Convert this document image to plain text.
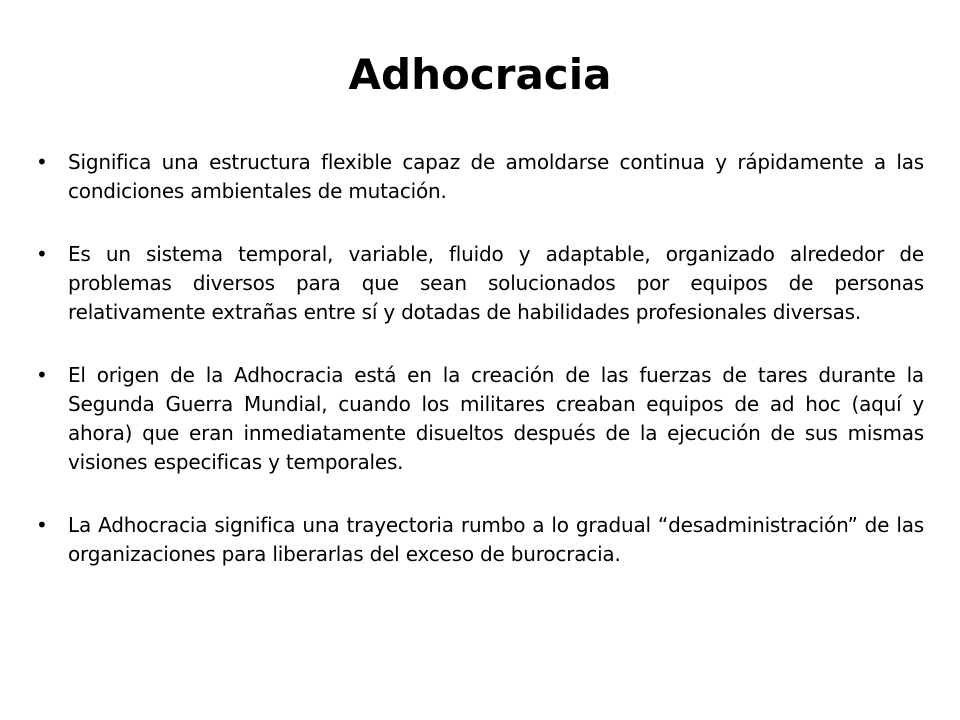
Adhocracia
• Significa una estructura flexible capaz de amoldarse continua y rápidamente a las condiciones ambientales de mutación.
• Es un sistema temporal, variable, fluido y adaptable, organizado alrededor de problemas diversos para que sean solucionados por equipos de personas relativamente extrañas entre sí y dotadas de habilidades profesionales diversas.
• El origen de la Adhocracia está en la creación de las fuerzas de tares durante la Segunda Guerra Mundial, cuando los militares creaban equipos de ad hoc (aquí y ahora) que eran inmediatamente disueltos después de la ejecución de sus mismas visiones especificas y temporales.
• La Adhocracia significa una trayectoria rumbo a lo gradual “desadministración” de las organizaciones para liberarlas del exceso de burocracia.
